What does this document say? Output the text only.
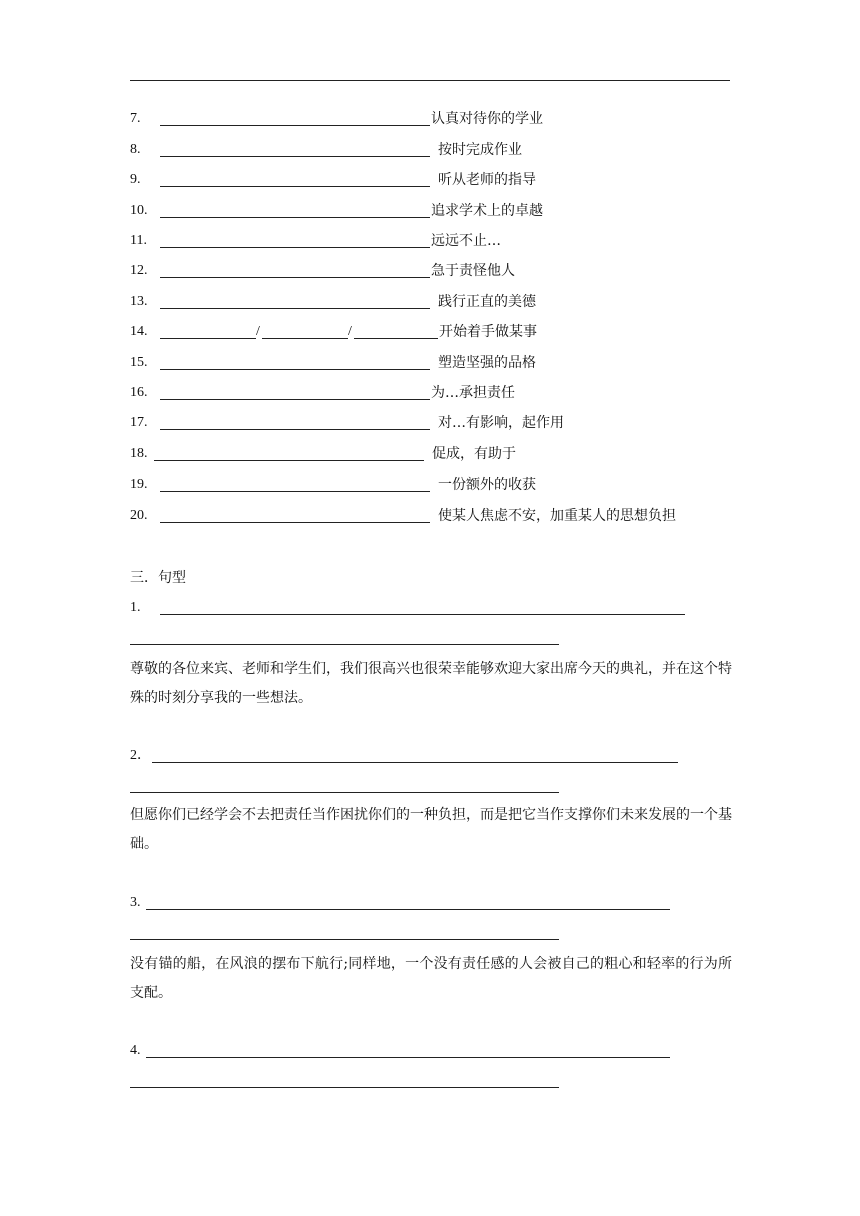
7.	认真对待你的学业
8.	按时完成作业
9.	听从老师的指导
10.	追求学术上的卓越
11.	远远不止…
12.	急于责怪他人
13.	践行正直的美德
14.	/	/	开始着手做某事
15.	塑造坚强的品格
16.	为…承担责任
17.	对…有影响，起作用
18.	促成，有助于
19.	一份额外的收获
20.	使某人焦虑不安，加重某人的思想负担
三．句型
1.
尊敬的各位来宾、老师和学生们，我们很高兴也很荣幸能够欢迎大家出席今天的典礼，并在这个特殊的时刻分享我的一些想法。
2．
但愿你们已经学会不去把责任当作困扰你们的一种负担，而是把它当作支撑你们未来发展的一个基础。
3.
没有锚的船，在风浪的摆布下航行;同样地，一个没有责任感的人会被自己的粗心和轻率的行为所支配。
4.
